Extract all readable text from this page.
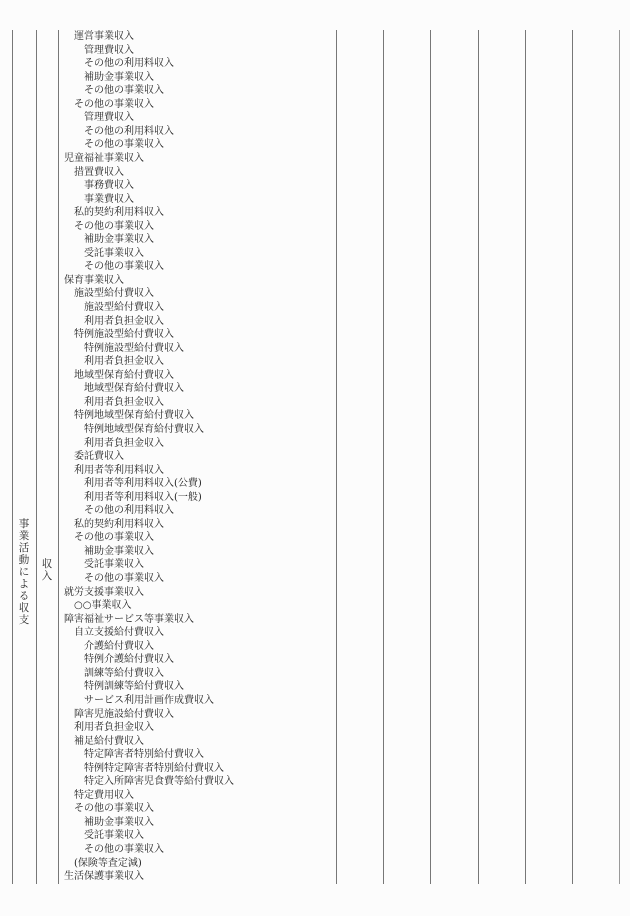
事業活動による収支
収入
運営事業収入
管理費収入
その他の利用料収入
補助金事業収入
その他の事業収入
その他の事業収入
管理費収入
その他の利用料収入
その他の事業収入
児童福祉事業収入
措置費収入
事務費収入
事業費収入
私的契約利用料収入
その他の事業収入
補助金事業収入
受託事業収入
その他の事業収入
保育事業収入
施設型給付費収入
施設型給付費収入
利用者負担金収入
特例施設型給付費収入
特例施設型給付費収入
利用者負担金収入
地域型保育給付費収入
地域型保育給付費収入
利用者負担金収入
特例地域型保育給付費収入
特例地域型保育給付費収入
利用者負担金収入
委託費収入
利用者等利用料収入
利用者等利用料収入(公費)
利用者等利用料収入(一般)
その他の利用料収入
私的契約利用料収入
その他の事業収入
補助金事業収入
受託事業収入
その他の事業収入
就労支援事業収入
○○事業収入
障害福祉サービス等事業収入
自立支援給付費収入
介護給付費収入
特例介護給付費収入
訓練等給付費収入
特例訓練等給付費収入
サービス利用計画作成費収入
障害児施設給付費収入
利用者負担金収入
補足給付費収入
特定障害者特別給付費収入
特例特定障害者特別給付費収入
特定入所障害児食費等給付費収入
特定費用収入
その他の事業収入
補助金事業収入
受託事業収入
その他の事業収入
(保険等査定減)
生活保護事業収入
